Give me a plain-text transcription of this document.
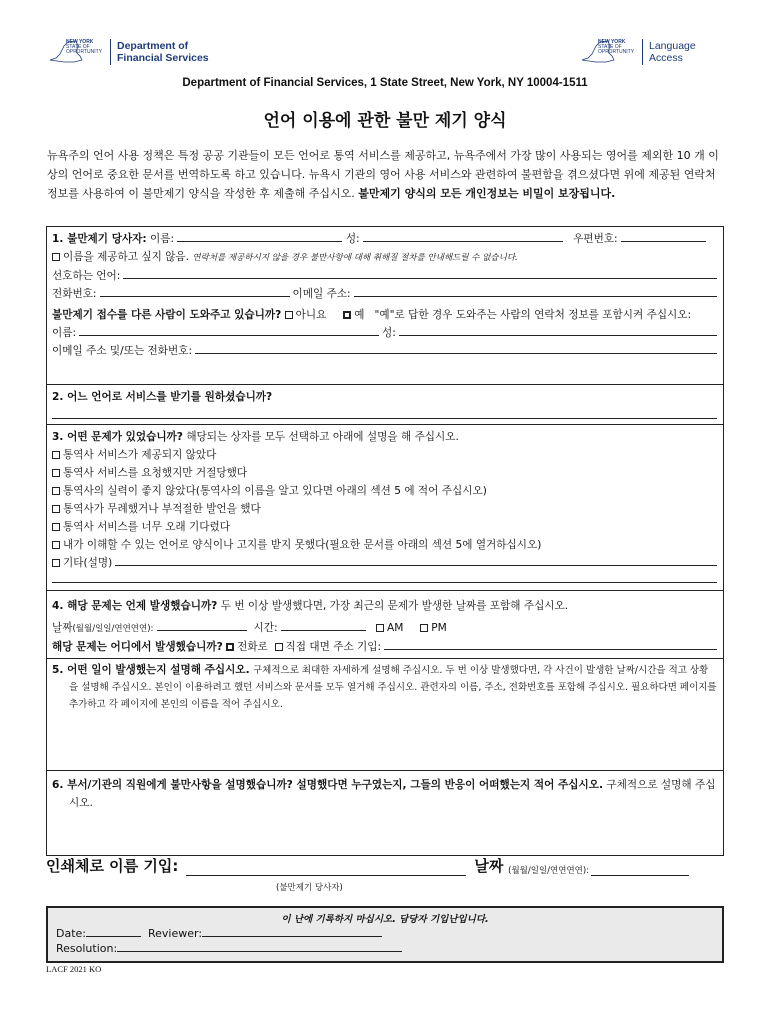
NEW YORK
STATE OF
OPPORTUNITY Department of
Financial Services
NEW YORK
STATE OF
OPPORTUNITY Language
Access
Department of Financial Services, 1 State Street, New York, NY 10004-1511
언어 이용에 관한 불만 제기 양식
뉴욕주의 언어 사용 정책은 특정 공공 기관들이 모든 언어로 통역 서비스를 제공하고, 뉴욕주에서 가장 많이 사용되는 영어를 제외한 10 개 이상의 언어로 중요한 문서를 번역하도록 하고 있습니다. 뉴욕시 기관의 영어 사용 서비스와 관련하여 불편함을 겪으셨다면 위에 제공된 연락처 정보를 사용하여 이 불만제기 양식을 작성한 후 제출해 주십시오. 불만제기 양식의 모든 개인정보는 비밀이 보장됩니다.
1. 불만제기 당사자: 이름:	성:	우편번호:
이름을 제공하고 싶지 않음. 연락처를 제공하시지 않을 경우 불만사항에 대해 취해질 절차를 안내해드릴 수 없습니다.
선호하는 언어:
전화번호:	이메일 주소:
불만제기 접수를 다른 사람이 도와주고 있습니까? 아니요	예 "예"로 답한 경우 도와주는 사람의 연락처 정보를 포함시켜 주십시오:
이름:	성:
이메일 주소 및/또는 전화번호:
2. 어느 언어로 서비스를 받기를 원하셨습니까?
3. 어떤 문제가 있었습니까? 해당되는 상자를 모두 선택하고 아래에 설명을 해 주십시오.
통역사 서비스가 제공되지 않았다
통역사 서비스를 요청했지만 거절당했다
통역사의 실력이 좋지 않았다(통역사의 이름을 알고 있다면 아래의 섹션 5 에 적어 주십시오)
통역사가 무례했거나 부적절한 발언을 했다
통역사 서비스를 너무 오래 기다렸다
내가 이해할 수 있는 언어로 양식이나 고지를 받지 못했다(필요한 문서를 아래의 섹션 5에 열거하십시오)
기타(설명)
4. 해당 문제는 언제 발생했습니까? 두 번 이상 발생했다면, 가장 최근의 문제가 발생한 날짜를 포함해 주십시오.
날짜(월월/일일/연연연연):	시간:	AM	PM
해당 문제는 어디에서 발생했습니까?
전화로
직접 대면 주소 기입:
5. 어떤 일이 발생했는지 설명해 주십시오. 구체적으로 최대한 자세하게 설명해 주십시오. 두 번 이상 발생했다면, 각 사건이 발생한 날짜/시간을 적고 상황을 설명해 주십시오. 본인이 이용하려고 했던 서비스와 문서를 모두 열거해 주십시오. 관련자의 이름, 주소, 전화번호를 포함해 주십시오. 필요하다면 페이지를 추가하고 각 페이지에 본인의 이름을 적어 주십시오.
6. 부서/기관의 직원에게 불만사항을 설명했습니까? 설명했다면 누구였는지, 그들의 반응이 어떠했는지 적어 주십시오. 구체적으로 설명해 주십시오.
인쇄체로 이름 기입:	날짜
(월월/일일/연연연연):
(불만제기 당사자)
이 난에 기록하지 마십시오. 담당자 기입난입니다.
Date:	Reviewer:
Resolution:
LACF 2021 KO
